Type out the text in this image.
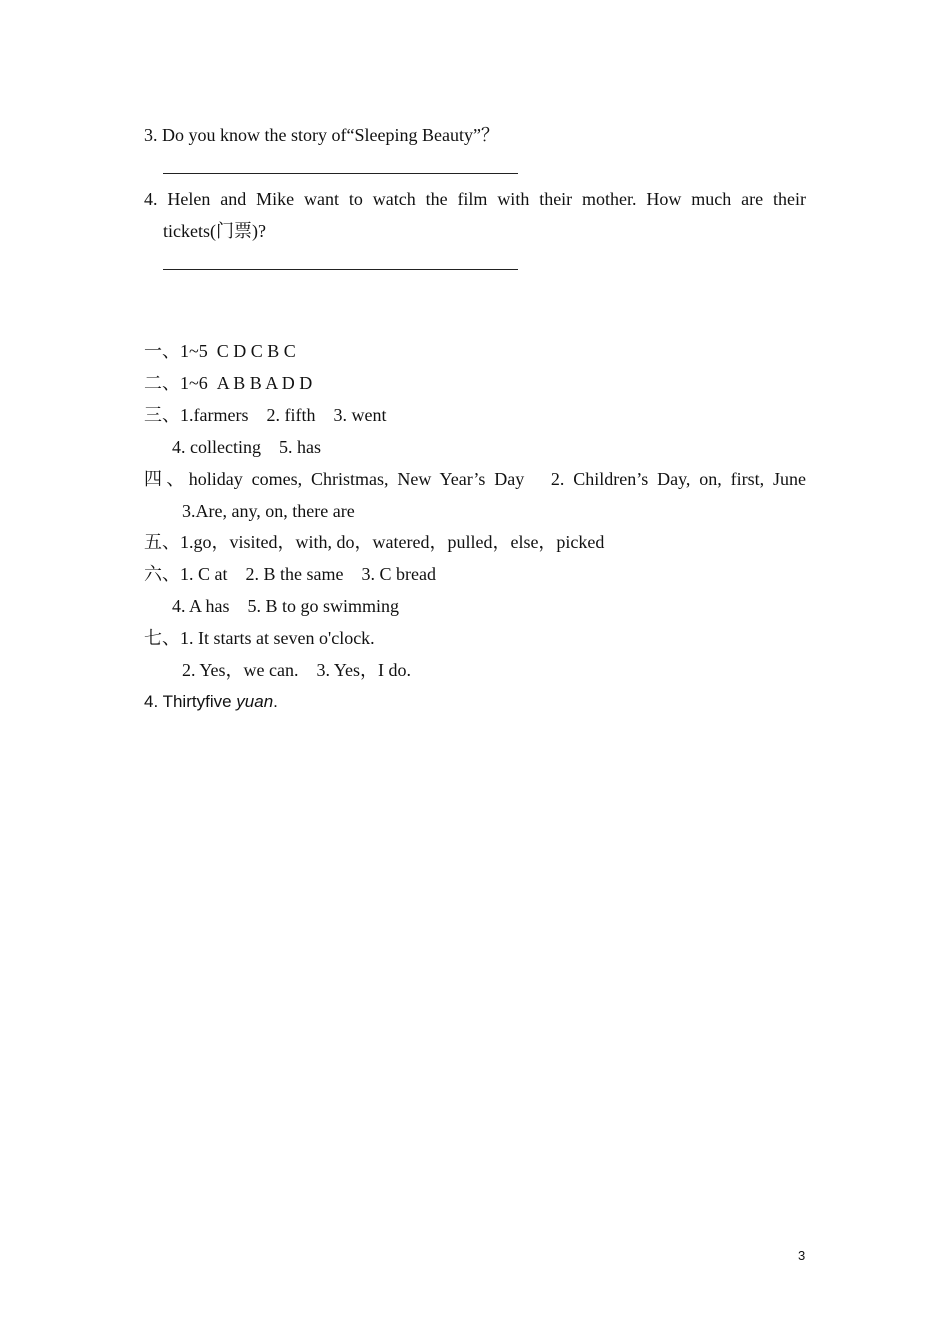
3. Do you know the story of“Sleeping Beauty”？
4. Helen and Mike want to watch the film with their mother. How much are their
tickets(门票)?
一、1~5  C D C B C
二、1~6  A B B A D D
三、1.farmers    2. fifth    3. went
4. collecting    5. has
四、holiday comes, Christmas, New Year’s Day   2. Children’s Day, on, first, June
3.Are, any, on, there are
五、1.go，visited，with, do，watered，pulled，else，picked
六、1. C at    2. B the same    3. C bread
4. A has    5. B to go swimming
七、1. It starts at seven o'clock.
2. Yes，we can.    3. Yes，I do.
4. Thirtyfive yuan.
3
